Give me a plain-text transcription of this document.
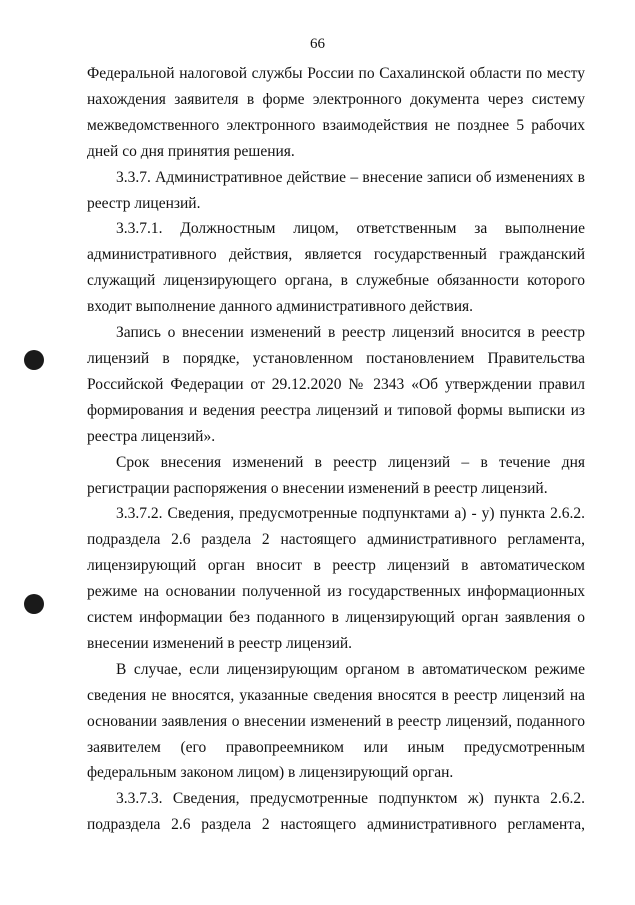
66

Федеральной налоговой службы России по Сахалинской области по месту нахождения заявителя в форме электронного документа через систему межведомственного электронного взаимодействия не позднее 5 рабочих дней со дня принятия решения.

3.3.7. Административное действие – внесение записи об изменениях в реестр лицензий.

3.3.7.1. Должностным лицом, ответственным за выполнение административного действия, является государственный гражданский служащий лицензирующего органа, в служебные обязанности которого входит выполнение данного административного действия.

Запись о внесении изменений в реестр лицензий вносится в реестр лицензий в порядке, установленном постановлением Правительства Российской Федерации от 29.12.2020 № 2343 «Об утверждении правил формирования и ведения реестра лицензий и типовой формы выписки из реестра лицензий».

Срок внесения изменений в реестр лицензий – в течение дня регистрации распоряжения о внесении изменений в реестр лицензий.

3.3.7.2. Сведения, предусмотренные подпунктами а) - у) пункта 2.6.2. подраздела 2.6 раздела 2 настоящего административного регламента, лицензирующий орган вносит в реестр лицензий в автоматическом режиме на основании полученной из государственных информационных систем информации без поданного в лицензирующий орган заявления о внесении изменений в реестр лицензий.

В случае, если лицензирующим органом в автоматическом режиме сведения не вносятся, указанные сведения вносятся в реестр лицензий на основании заявления о внесении изменений в реестр лицензий, поданного заявителем (его правопреемником или иным предусмотренным федеральным законом лицом) в лицензирующий орган.

3.3.7.3. Сведения, предусмотренные подпунктом ж) пункта 2.6.2. подраздела 2.6 раздела 2 настоящего административного регламента,
